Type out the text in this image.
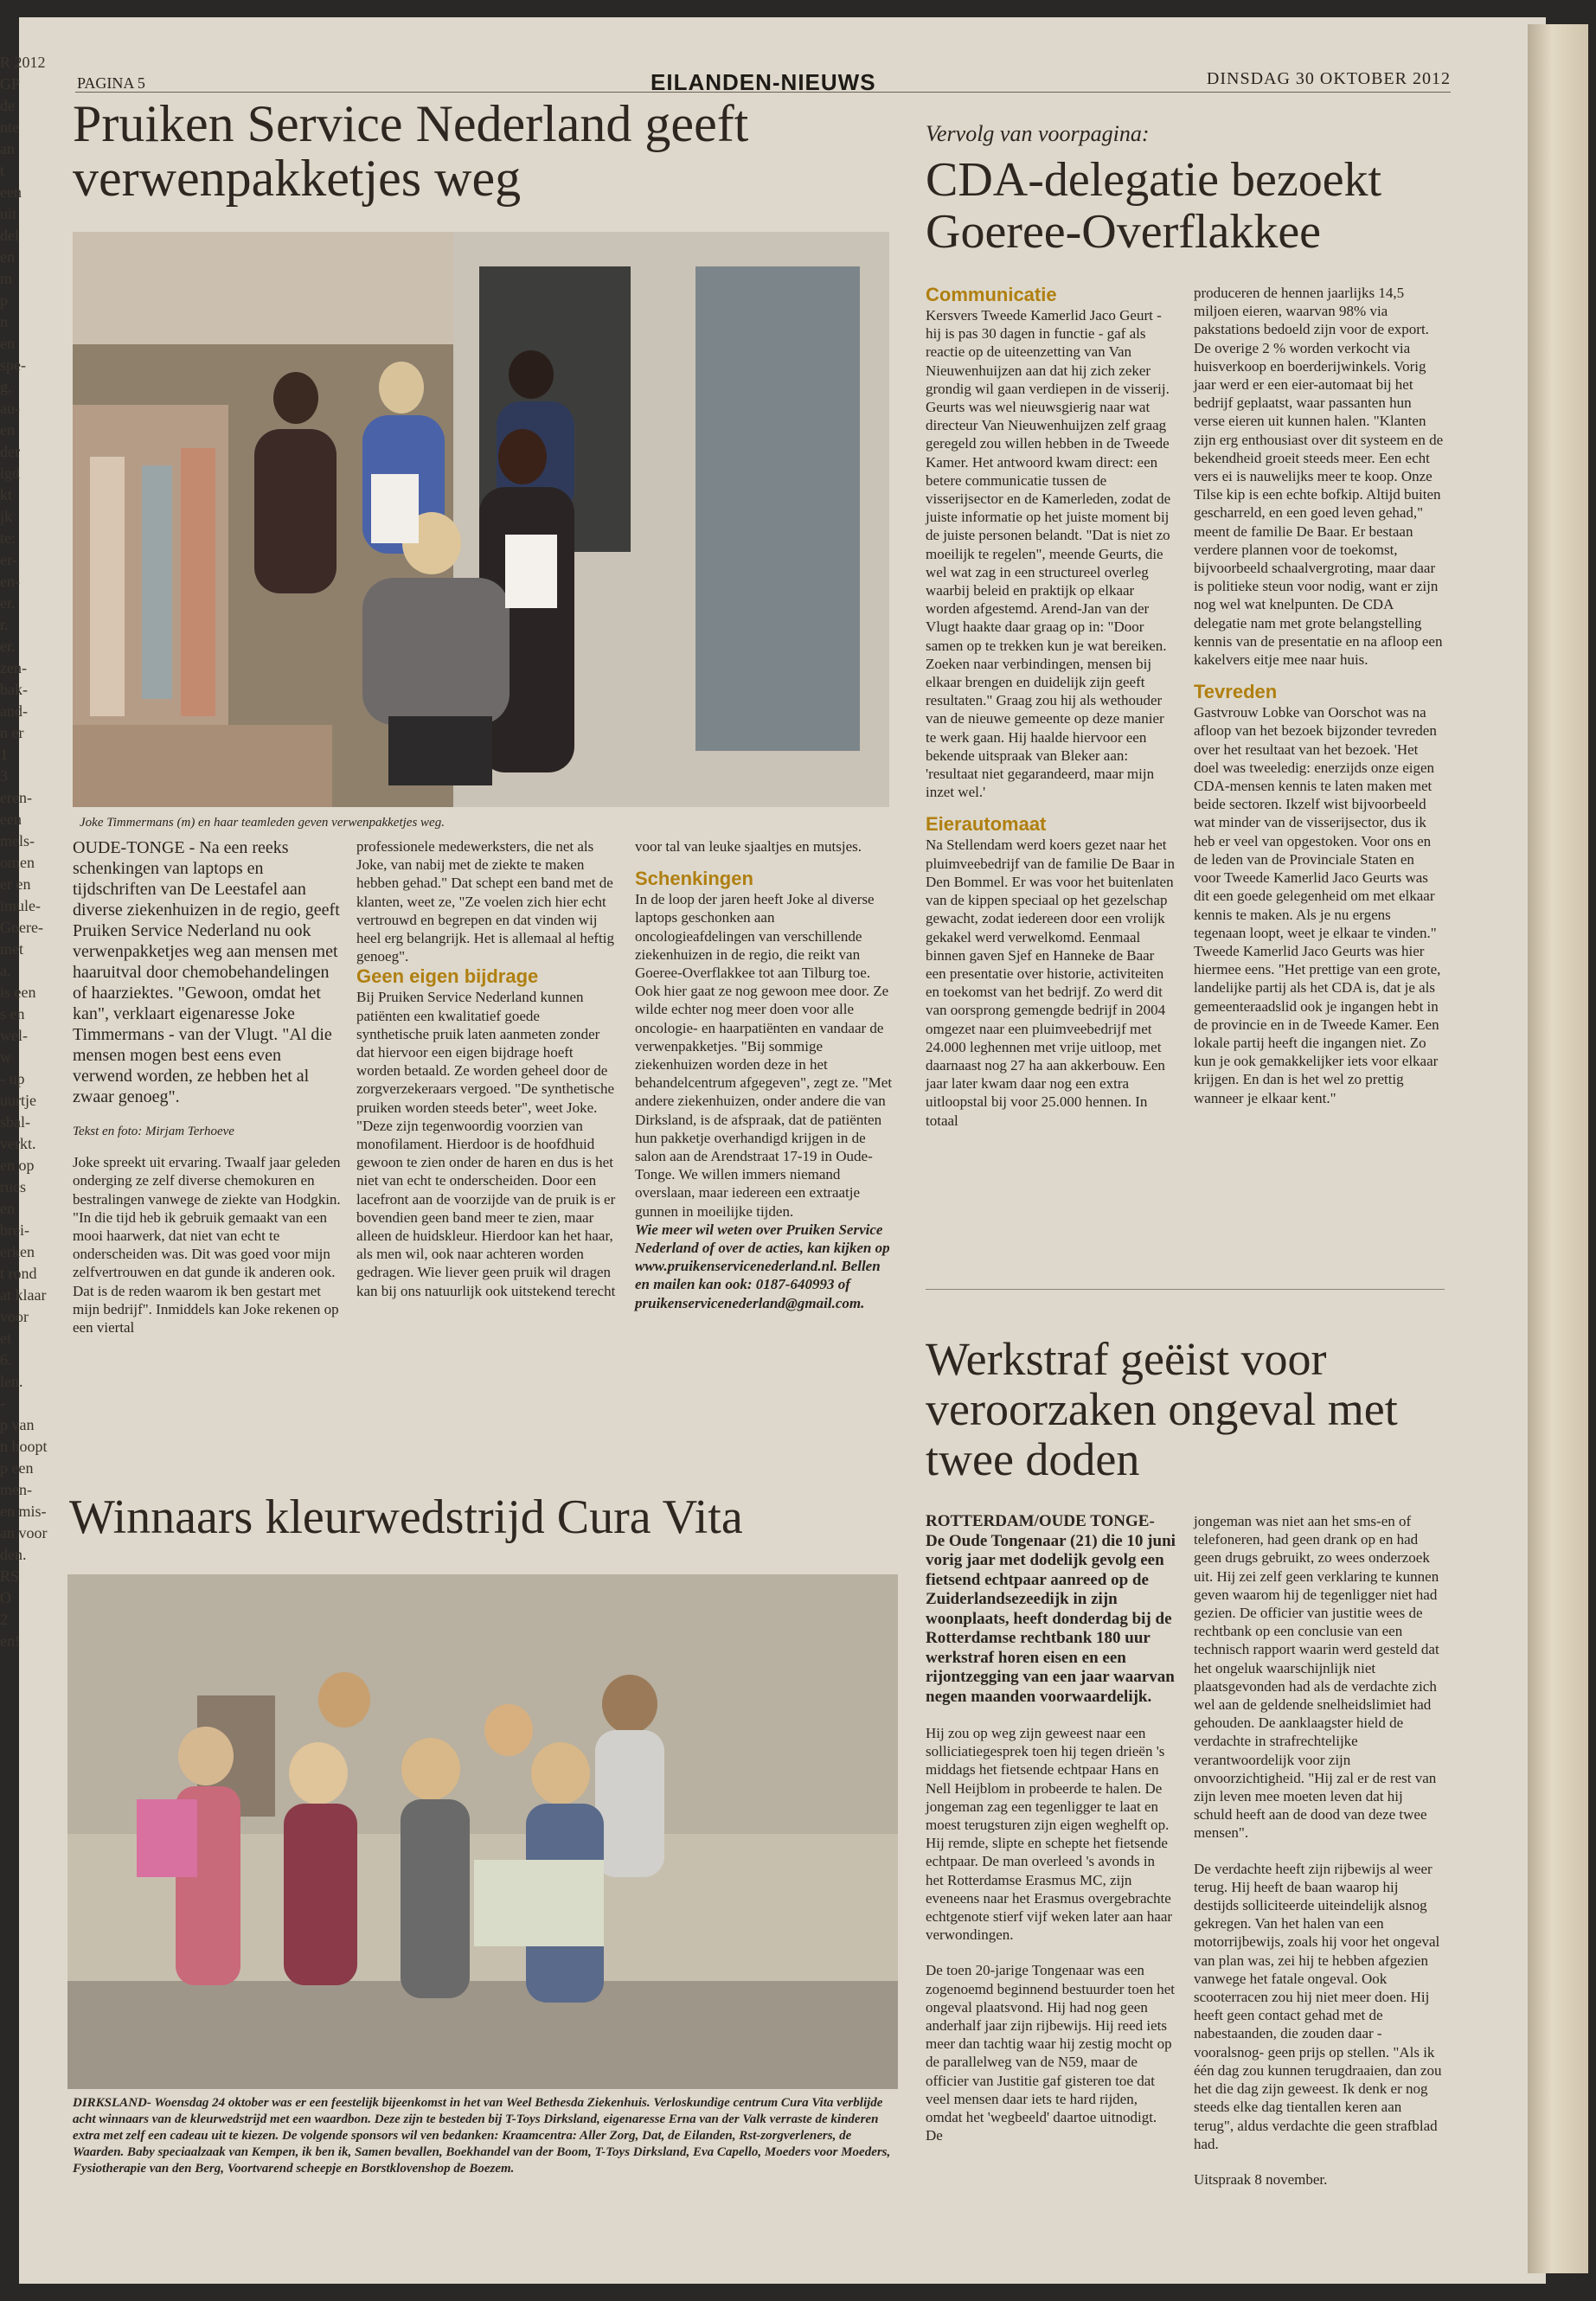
R 2012
GP
de
nte
an
t
een
uit
del
en
m
p
n
en
spe-
g,
au-
en
der
igd
kt
jk
te:
er-
en-
er.
r.
er.
zen-
bak-
and-
n er
1
3
eren-
een
mels-
omen
er en
imule-
Goere-
met
a.
is een
s en
wel-
w
- up
uurtje
sbal-
verkt.
en op
rucs
en
brei-
erken
t rond
at klaar
voor
et
6.
len.
-
p van
n hoopt
p een
men-
en mis-
an voor
den.
RS
O
2
en!
PAGINA 5	EILANDEN-NIEUWS	DINSDAG 30 OKTOBER 2012
Pruiken Service Nederland geeft verwenpakketjes weg
Joke Timmermans (m) en haar teamleden geven verwenpakketjes weg.

OUDE-TONGE - Na een reeks schenkingen van laptops en tijdschriften van De Leestafel aan diverse ziekenhuizen in de regio, geeft Pruiken Service Nederland nu ook verwenpakketjes weg aan mensen met haaruitval door chemobehandelingen of haarziektes. "Gewoon, omdat het kan", verklaart eigenaresse Joke Timmermans - van der Vlugt. "Al die mensen mogen best eens even verwend worden, ze hebben het al zwaar genoeg".

Tekst en foto: Mirjam Terhoeve

Joke spreekt uit ervaring. Twaalf jaar geleden onderging ze zelf diverse chemokuren en bestralingen vanwege de ziekte van Hodgkin. "In die tijd heb ik gebruik gemaakt van een mooi haarwerk, dat niet van echt te onderscheiden was. Dit was goed voor mijn zelfvertrouwen en dat gunde ik anderen ook. Dat is de reden waarom ik ben gestart met mijn bedrijf". Inmiddels kan Joke rekenen op een viertal

professionele medewerksters, die net als Joke, van nabij met de ziekte te maken hebben gehad." Dat schept een band met de klanten, weet ze, "Ze voelen zich hier echt vertrouwd en begrepen en dat vinden wij heel erg belangrijk. Het is allemaal al heftig genoeg".

Geen eigen bijdrage

Bij Pruiken Service Nederland kunnen patiënten een kwalitatief goede synthetische pruik laten aanmeten zonder dat hiervoor een eigen bijdrage hoeft worden betaald. Ze worden geheel door de zorgverzekeraars vergoed. "De synthetische pruiken worden steeds beter", weet Joke. "Deze zijn tegenwoordig voorzien van monofilament. Hierdoor is de hoofdhuid gewoon te zien onder de haren en dus is het niet van echt te onderscheiden. Door een lacefront aan de voorzijde van de pruik is er bovendien geen band meer te zien, maar alleen de huidskleur. Hierdoor kan het haar, als men wil, ook naar achteren worden gedragen. Wie liever geen pruik wil dragen kan bij ons natuurlijk ook uitstekend terecht

voor tal van leuke sjaaltjes en mutsjes.

Schenkingen

In de loop der jaren heeft Joke al diverse laptops geschonken aan oncologieafdelingen van verschillende ziekenhuizen in de regio, die reikt van Goeree-Overflakkee tot aan Tilburg toe. Ook hier gaat ze nog gewoon mee door. Ze wilde echter nog meer doen voor alle oncologie- en haarpatiënten en vandaar de verwenpakketjes. "Bij sommige ziekenhuizen worden deze in het behandelcentrum afgegeven", zegt ze. "Met andere ziekenhuizen, onder andere die van Dirksland, is de afspraak, dat de patiënten hun pakketje overhandigd krijgen in de salon aan de Arendstraat 17-19 in Oude-Tonge. We willen immers niemand overslaan, maar iedereen een extraatje gunnen in moeilijke tijden.

Wie meer wil weten over Pruiken Service Nederland of over de acties, kan kijken op www.pruikenservicenederland.nl. Bellen en mailen kan ook: 0187-640993 of pruikenservicenederland@gmail.com.

Winnaars kleurwedstrijd Cura Vita
DIRKSLAND- Woensdag 24 oktober was er een feestelijk bijeenkomst in het van Weel Bethesda Ziekenhuis. Verloskundige centrum Cura Vita verblijde acht winnaars van de kleurwedstrijd met een waardbon. Deze zijn te besteden bij T-Toys Dirksland, eigenaresse Erna van der Valk verraste de kinderen extra met zelf een cadeau uit te kiezen. De volgende sponsors wil ven bedanken: Kraamcentra: Aller Zorg, Dat, de Eilanden, Rst-zorgverleners, de Waarden. Baby speciaalzaak van Kempen, ik ben ik, Samen bevallen, Boekhandel van der Boom, T-Toys Dirksland, Eva Capello, Moeders voor Moeders, Fysiotherapie van den Berg, Voortvarend scheepje en Borstklovenshop de Boezem.
Vervolg van voorpagina:
CDA-delegatie bezoekt Goeree-Overflakkee

Communicatie

Kersvers Tweede Kamerlid Jaco Geurt - hij is pas 30 dagen in functie - gaf als reactie op de uiteenzetting van Van Nieuwenhuijzen aan dat hij zich zeker grondig wil gaan verdiepen in de visserij. Geurts was wel nieuwsgierig naar wat directeur Van Nieuwenhuijzen zelf graag geregeld zou willen hebben in de Tweede Kamer. Het antwoord kwam direct: een betere communicatie tussen de visserijsector en de Kamerleden, zodat de juiste informatie op het juiste moment bij de juiste personen belandt. "Dat is niet zo moeilijk te regelen", meende Geurts, die wel wat zag in een structureel overleg waarbij beleid en praktijk op elkaar worden afgestemd. Arend-Jan van der Vlugt haakte daar graag op in: "Door samen op te trekken kun je wat bereiken. Zoeken naar verbindingen, mensen bij elkaar brengen en duidelijk zijn geeft resultaten." Graag zou hij als wethouder van de nieuwe gemeente op deze manier te werk gaan. Hij haalde hiervoor een bekende uitspraak van Bleker aan: 'resultaat niet gegarandeerd, maar mijn inzet wel.'

Eierautomaat

Na Stellendam werd koers gezet naar het pluimveebedrijf van de familie De Baar in Den Bommel. Er was voor het buitenlaten van de kippen speciaal op het gezelschap gewacht, zodat iedereen door een vrolijk gekakel werd verwelkomd. Eenmaal binnen gaven Sjef en Hanneke de Baar een presentatie over historie, activiteiten en toekomst van het bedrijf. Zo werd dit van oorsprong gemengde bedrijf in 2004 omgezet naar een pluimveebedrijf met 24.000 leghennen met vrije uitloop, met daarnaast nog 27 ha aan akkerbouw. Een jaar later kwam daar nog een extra uitloopstal bij voor 25.000 hennen. In totaal

produceren de hennen jaarlijks 14,5 miljoen eieren, waarvan 98% via pakstations bedoeld zijn voor de export. De overige 2 % worden verkocht via huisverkoop en boerderijwinkels. Vorig jaar werd er een eier-automaat bij het bedrijf geplaatst, waar passanten hun verse eieren uit kunnen halen. "Klanten zijn erg enthousiast over dit systeem en de bekendheid groeit steeds meer. Een echt vers ei is nauwelijks meer te koop. Onze Tilse kip is een echte bofkip. Altijd buiten gescharreld, en een goed leven gehad," meent de familie De Baar. Er bestaan verdere plannen voor de toekomst, bijvoorbeeld schaalvergroting, maar daar is politieke steun voor nodig, want er zijn nog wel wat knelpunten. De CDA delegatie nam met grote belangstelling kennis van de presentatie en na afloop een kakelvers eitje mee naar huis.

Tevreden

Gastvrouw Lobke van Oorschot was na afloop van het bezoek bijzonder tevreden over het resultaat van het bezoek. 'Het doel was tweeledig: enerzijds onze eigen CDA-mensen kennis te laten maken met beide sectoren. Ikzelf wist bijvoorbeeld wat minder van de visserijsector, dus ik heb er veel van opgestoken. Voor ons en de leden van de Provinciale Staten en voor Tweede Kamerlid Jaco Geurts was dit een goede gelegenheid om met elkaar kennis te maken. Als je nu ergens tegenaan loopt, weet je elkaar te vinden." Tweede Kamerlid Jaco Geurts was hier hiermee eens. "Het prettige van een grote, landelijke partij als het CDA is, dat je als gemeenteraadslid ook je ingangen hebt in de provincie en in de Tweede Kamer. Een lokale partij heeft die ingangen niet. Zo kun je ook gemakkelijker iets voor elkaar krijgen. En dan is het wel zo prettig wanneer je elkaar kent."

Werkstraf geëist voor veroorzaken ongeval met twee doden

ROTTERDAM/OUDE TONGE- De Oude Tongenaar (21) die 10 juni vorig jaar met dodelijk gevolg een fietsend echtpaar aanreed op de Zuiderlandsezeedijk in zijn woonplaats, heeft donderdag bij de Rotterdamse rechtbank 180 uur werkstraf horen eisen en een rijontzegging van een jaar waarvan negen maanden voorwaardelijk.

Hij zou op weg zijn geweest naar een solliciatiegesprek toen hij tegen drieën 's middags het fietsende echtpaar Hans en Nell Heijblom in probeerde te halen. De jongeman zag een tegenligger te laat en moest terugsturen zijn eigen weghelft op. Hij remde, slipte en schepte het fietsende echtpaar. De man overleed 's avonds in het Rotterdamse Erasmus MC, zijn eveneens naar het Erasmus overgebrachte echtgenote stierf vijf weken later aan haar verwondingen.

De toen 20-jarige Tongenaar was een zogenoemd beginnend bestuurder toen het ongeval plaatsvond. Hij had nog geen anderhalf jaar zijn rijbewijs. Hij reed iets meer dan tachtig waar hij zestig mocht op de parallelweg van de N59, maar de officier van Justitie gaf gisteren toe dat veel mensen daar iets te hard rijden, omdat het 'wegbeeld' daartoe uitnodigt. De

jongeman was niet aan het sms-en of telefoneren, had geen drank op en had geen drugs gebruikt, zo wees onderzoek uit. Hij zei zelf geen verklaring te kunnen geven waarom hij de tegenligger niet had gezien. De officier van justitie wees de rechtbank op een conclusie van een technisch rapport waarin werd gesteld dat het ongeluk waarschijnlijk niet plaatsgevonden had als de verdachte zich wel aan de geldende snelheidslimiet had gehouden. De aanklaagster hield de verdachte in strafrechtelijke verantwoordelijk voor zijn onvoorzichtigheid. "Hij zal er de rest van zijn leven mee moeten leven dat hij schuld heeft aan de dood van deze twee mensen".

De verdachte heeft zijn rijbewijs al weer terug. Hij heeft de baan waarop hij destijds solliciteerde uiteindelijk alsnog gekregen. Van het halen van een motorrijbewijs, zoals hij voor het ongeval van plan was, zei hij te hebben afgezien vanwege het fatale ongeval. Ook scooterracen zou hij niet meer doen. Hij heeft geen contact gehad met de nabestaanden, die zouden daar -vooralsnog- geen prijs op stellen. "Als ik één dag zou kunnen terugdraaien, dan zou het die dag zijn geweest. Ik denk er nog steeds elke dag tientallen keren aan terug", aldus verdachte die geen strafblad had.

Uitspraak 8 november.
